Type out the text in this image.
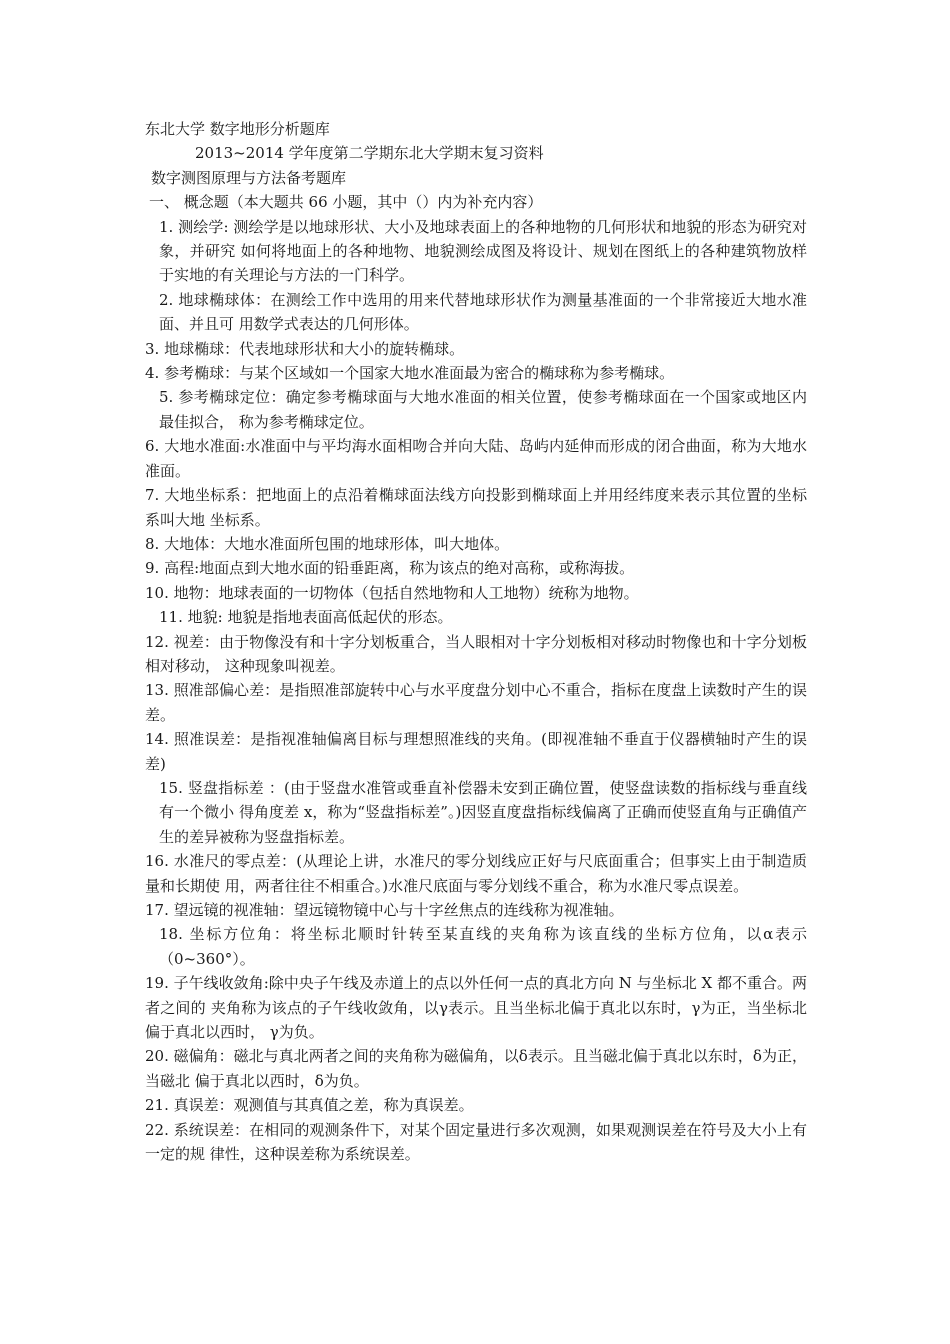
东北大学 数字地形分析题库

2013~2014 学年度第二学期东北大学期末复习资料

数字测图原理与方法备考题库

一、 概念题（本大题共 66 小题，其中（）内为补充内容）

1. 测绘学: 测绘学是以地球形状、大小及地球表面上的各种地物的几何形状和地貌的形态为研究对象，并研究 如何将地面上的各种地物、地貌测绘成图及将设计、规划在图纸上的各种建筑物放样于实地的有关理论与方法的一门科学。

2. 地球椭球体：在测绘工作中选用的用来代替地球形状作为测量基准面的一个非常接近大地水准面、并且可 用数学式表达的几何形体。

3. 地球椭球：代表地球形状和大小的旋转椭球。

4. 参考椭球：与某个区域如一个国家大地水准面最为密合的椭球称为参考椭球。

5. 参考椭球定位：确定参考椭球面与大地水准面的相关位置，使参考椭球面在一个国家或地区内最佳拟合， 称为参考椭球定位。

6. 大地水准面:水准面中与平均海水面相吻合并向大陆、岛屿内延伸而形成的闭合曲面，称为大地水准面。

7. 大地坐标系：把地面上的点沿着椭球面法线方向投影到椭球面上并用经纬度来表示其位置的坐标系叫大地 坐标系。

8. 大地体：大地水准面所包围的地球形体，叫大地体。

9. 高程:地面点到大地水面的铅垂距离，称为该点的绝对高称，或称海拔。

10. 地物：地球表面的一切物体（包括自然地物和人工地物）统称为地物。

11. 地貌: 地貌是指地表面高低起伏的形态。

12. 视差：由于物像没有和十字分划板重合，当人眼相对十字分划板相对移动时物像也和十字分划板相对移动， 这种现象叫视差。

13. 照准部偏心差：是指照准部旋转中心与水平度盘分划中心不重合，指标在度盘上读数时产生的误差。

14. 照准误差：是指视准轴偏离目标与理想照准线的夹角。(即视准轴不垂直于仪器横轴时产生的误差)

15. 竖盘指标差 ：(由于竖盘水准管或垂直补偿器未安到正确位置，使竖盘读数的指标线与垂直线有一个微小 得角度差 x，称为“竖盘指标差”。)因竖直度盘指标线偏离了正确而使竖直角与正确值产生的差异被称为竖盘指标差。

16. 水准尺的零点差：(从理论上讲，水准尺的零分划线应正好与尺底面重合；但事实上由于制造质量和长期使 用，两者往往不相重合。)水准尺底面与零分划线不重合，称为水准尺零点误差。

17. 望远镜的视准轴：望远镜物镜中心与十字丝焦点的连线称为视准轴。

18. 坐标方位角：将坐标北顺时针转至某直线的夹角称为该直线的坐标方位角，以α表示（0~360°）。

19. 子午线收敛角:除中央子午线及赤道上的点以外任何一点的真北方向 N 与坐标北 X 都不重合。两者之间的 夹角称为该点的子午线收敛角，以γ表示。且当坐标北偏于真北以东时，γ为正，当坐标北偏于真北以西时， γ为负。

20. 磁偏角：磁北与真北两者之间的夹角称为磁偏角，以δ表示。且当磁北偏于真北以东时，δ为正，当磁北 偏于真北以西时，δ为负。

21. 真误差：观测值与其真值之差，称为真误差。

22. 系统误差：在相同的观测条件下，对某个固定量进行多次观测，如果观测误差在符号及大小上有一定的规 律性，这种误差称为系统误差。
